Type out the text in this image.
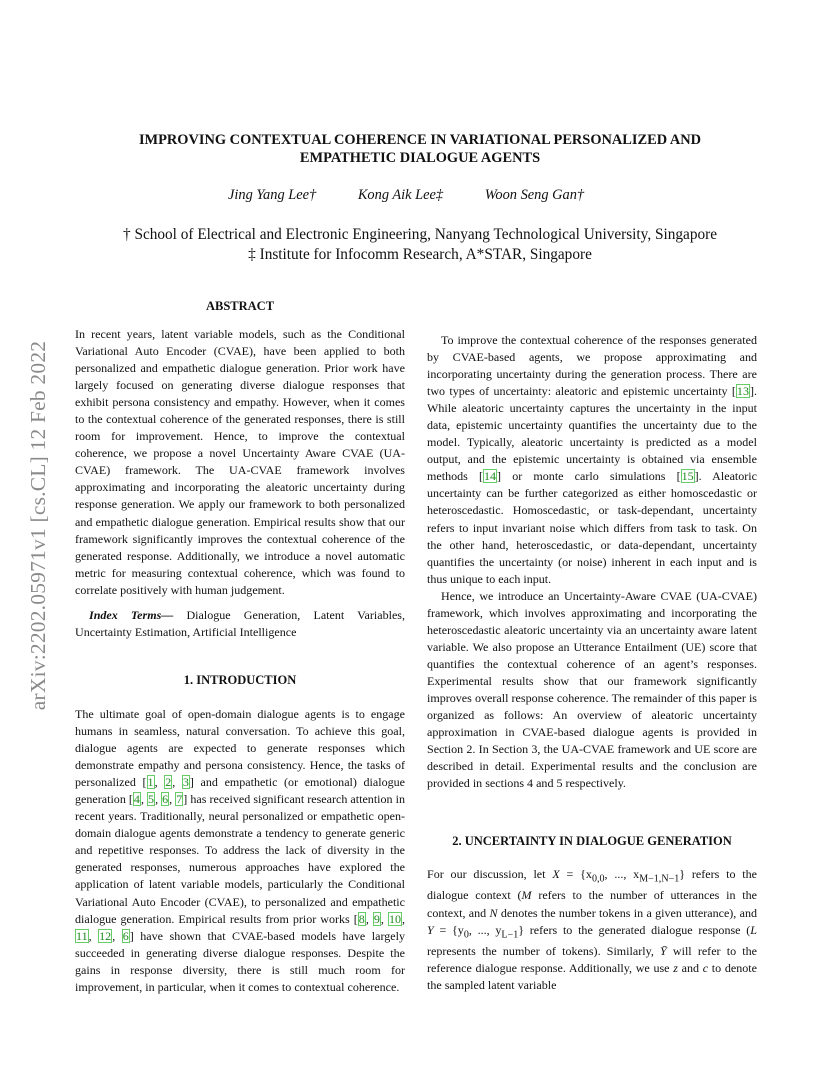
arXiv:2202.05971v1 [cs.CL] 12 Feb 2022
IMPROVING CONTEXTUAL COHERENCE IN VARIATIONAL PERSONALIZED AND
EMPATHETIC DIALOGUE AGENTS
Jing Yang Lee†	Kong Aik Lee‡	Woon Seng Gan†
† School of Electrical and Electronic Engineering, Nanyang Technological University, Singapore
‡ Institute for Infocomm Research, A*STAR, Singapore

ABSTRACT

In recent years, latent variable models, such as the Conditional Variational Auto Encoder (CVAE), have been applied to both personalized and empathetic dialogue generation. Prior work have largely focused on generating diverse dialogue responses that exhibit persona consistency and empathy. However, when it comes to the contextual coherence of the generated responses, there is still room for improvement. Hence, to improve the contextual coherence, we propose a novel Uncertainty Aware CVAE (UA-CVAE) framework. The UA-CVAE framework involves approximating and incorporating the aleatoric uncertainty during response generation. We apply our framework to both personalized and empathetic dialogue generation. Empirical results show that our framework significantly improves the contextual coherence of the generated response. Additionally, we introduce a novel automatic metric for measuring contextual coherence, which was found to correlate positively with human judgement.

Index Terms— Dialogue Generation, Latent Variables, Uncertainty Estimation, Artificial Intelligence

1. INTRODUCTION

The ultimate goal of open-domain dialogue agents is to engage humans in seamless, natural conversation. To achieve this goal, dialogue agents are expected to generate responses which demonstrate empathy and persona consistency. Hence, the tasks of personalized [1, 2, 3] and empathetic (or emotional) dialogue generation [4, 5, 6, 7] has received significant research attention in recent years. Traditionally, neural personalized or empathetic open-domain dialogue agents demonstrate a tendency to generate generic and repetitive responses. To address the lack of diversity in the generated responses, numerous approaches have explored the application of latent variable models, particularly the Conditional Variational Auto Encoder (CVAE), to personalized and empathetic dialogue generation. Empirical results from prior works [8, 9, 10, 11, 12, 6] have shown that CVAE-based models have largely succeeded in generating diverse dialogue responses. Despite the gains in response diversity, there is still much room for improvement, in particular, when it comes to contextual coherence.

To improve the contextual coherence of the responses generated by CVAE-based agents, we propose approximating and incorporating uncertainty during the generation process. There are two types of uncertainty: aleatoric and epistemic uncertainty [13]. While aleatoric uncertainty captures the uncertainty in the input data, epistemic uncertainty quantifies the uncertainty due to the model. Typically, aleatoric uncertainty is predicted as a model output, and the epistemic uncertainty is obtained via ensemble methods [14] or monte carlo simulations [15]. Aleatoric uncertainty can be further categorized as either homoscedastic or heteroscedastic. Homoscedastic, or task-dependant, uncertainty refers to input invariant noise which differs from task to task. On the other hand, heteroscedastic, or data-dependant, uncertainty quantifies the uncertainty (or noise) inherent in each input and is thus unique to each input.

Hence, we introduce an Uncertainty-Aware CVAE (UA-CVAE) framework, which involves approximating and incorporating the heteroscedastic aleatoric uncertainty via an uncertainty aware latent variable. We also propose an Utterance Entailment (UE) score that quantifies the contextual coherence of an agent’s responses. Experimental results show that our framework significantly improves overall response coherence. The remainder of this paper is organized as follows: An overview of aleatoric uncertainty approximation in CVAE-based dialogue agents is provided in Section 2. In Section 3, the UA-CVAE framework and UE score are described in detail. Experimental results and the conclusion are provided in sections 4 and 5 respectively.

2. UNCERTAINTY IN DIALOGUE GENERATION

For our discussion, let $X = \{x_{0,0}$, ..., $x_{M-1,N-1}$} refers to the dialogue context (M refers to the number of utterances in the context, and N denotes the number tokens in a given utterance), and $Y = \{y_0$, ..., $y_{L-1}$} refers to the generated dialogue response (L represents the number of tokens). Similarly, Ȳ will refer to the reference dialogue response. Additionally, we use z and c to denote the sampled latent variable
